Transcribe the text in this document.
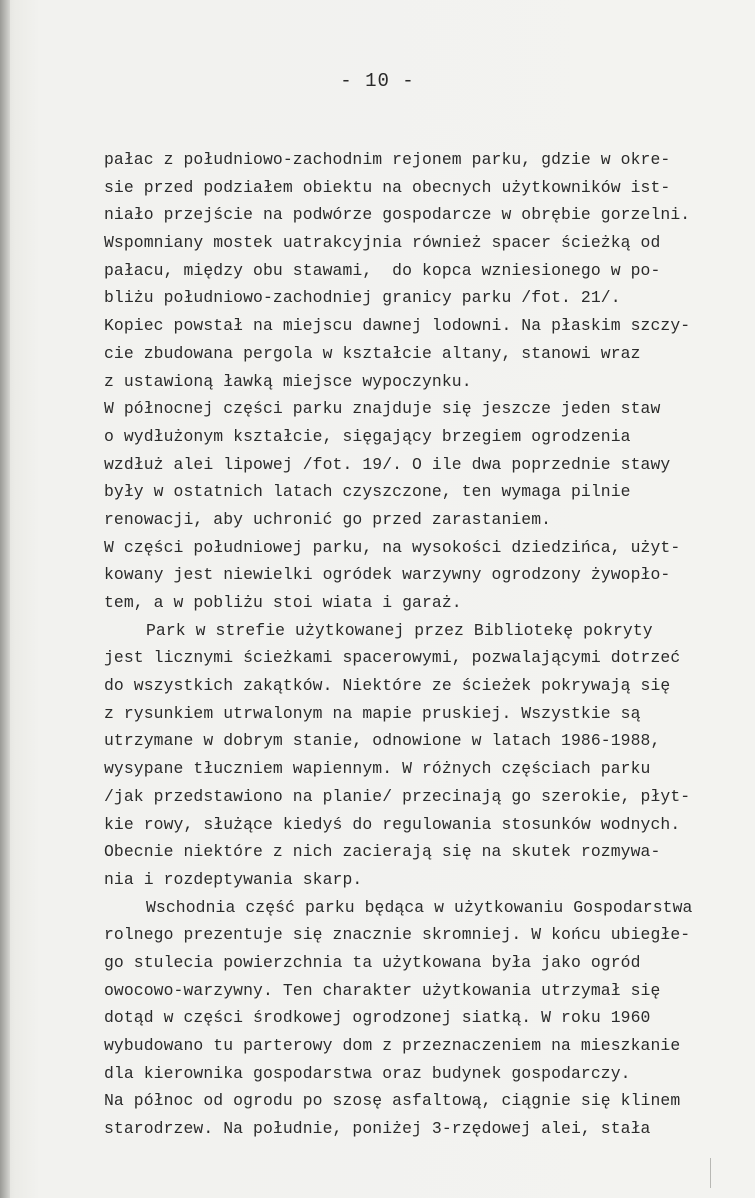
- 10 -
pałac z południowo-zachodnim rejonem parku, gdzie w okre-
sie przed podziałem obiektu na obecnych użytkowników ist-
niało przejście na podwórze gospodarcze w obrębie gorzelni.
Wspomniany mostek uatrakcyjnia również spacer ścieżką od
pałacu, między obu stawami,  do kopca wzniesionego w po-
bliżu południowo-zachodniej granicy parku /fot. 21/.
Kopiec powstał na miejscu dawnej lodowni. Na płaskim szczy-
cie zbudowana pergola w kształcie altany, stanowi wraz
z ustawioną ławką miejsce wypoczynku.
W północnej części parku znajduje się jeszcze jeden staw
o wydłużonym kształcie, sięgający brzegiem ogrodzenia
wzdłuż alei lipowej /fot. 19/. O ile dwa poprzednie stawy
były w ostatnich latach czyszczone, ten wymaga pilnie
renowacji, aby uchronić go przed zarastaniem.
W części południowej parku, na wysokości dziedzińca, użyt-
kowany jest niewielki ogródek warzywny ogrodzony żywopło-
tem, a w pobliżu stoi wiata i garaż.
Park w strefie użytkowanej przez Bibliotekę pokryty
jest licznymi ścieżkami spacerowymi, pozwalającymi dotrzeć
do wszystkich zakątków. Niektóre ze ścieżek pokrywają się
z rysunkiem utrwalonym na mapie pruskiej. Wszystkie są
utrzymane w dobrym stanie, odnowione w latach 1986-1988,
wysypane tłuczniem wapiennym. W różnych częściach parku
/jak przedstawiono na planie/ przecinają go szerokie, płyt-
kie rowy, służące kiedyś do regulowania stosunków wodnych.
Obecnie niektóre z nich zacierają się na skutek rozmywa-
nia i rozdeptywania skarp.
Wschodnia część parku będąca w użytkowaniu Gospodarstwa
rolnego prezentuje się znacznie skromniej. W końcu ubiegłe-
go stulecia powierzchnia ta użytkowana była jako ogród
owocowo-warzywny. Ten charakter użytkowania utrzymał się
dotąd w części środkowej ogrodzonej siatką. W roku 1960
wybudowano tu parterowy dom z przeznaczeniem na mieszkanie
dla kierownika gospodarstwa oraz budynek gospodarczy.
Na północ od ogrodu po szosę asfaltową, ciągnie się klinem
starodrzew. Na południe, poniżej 3-rzędowej alei, stała
